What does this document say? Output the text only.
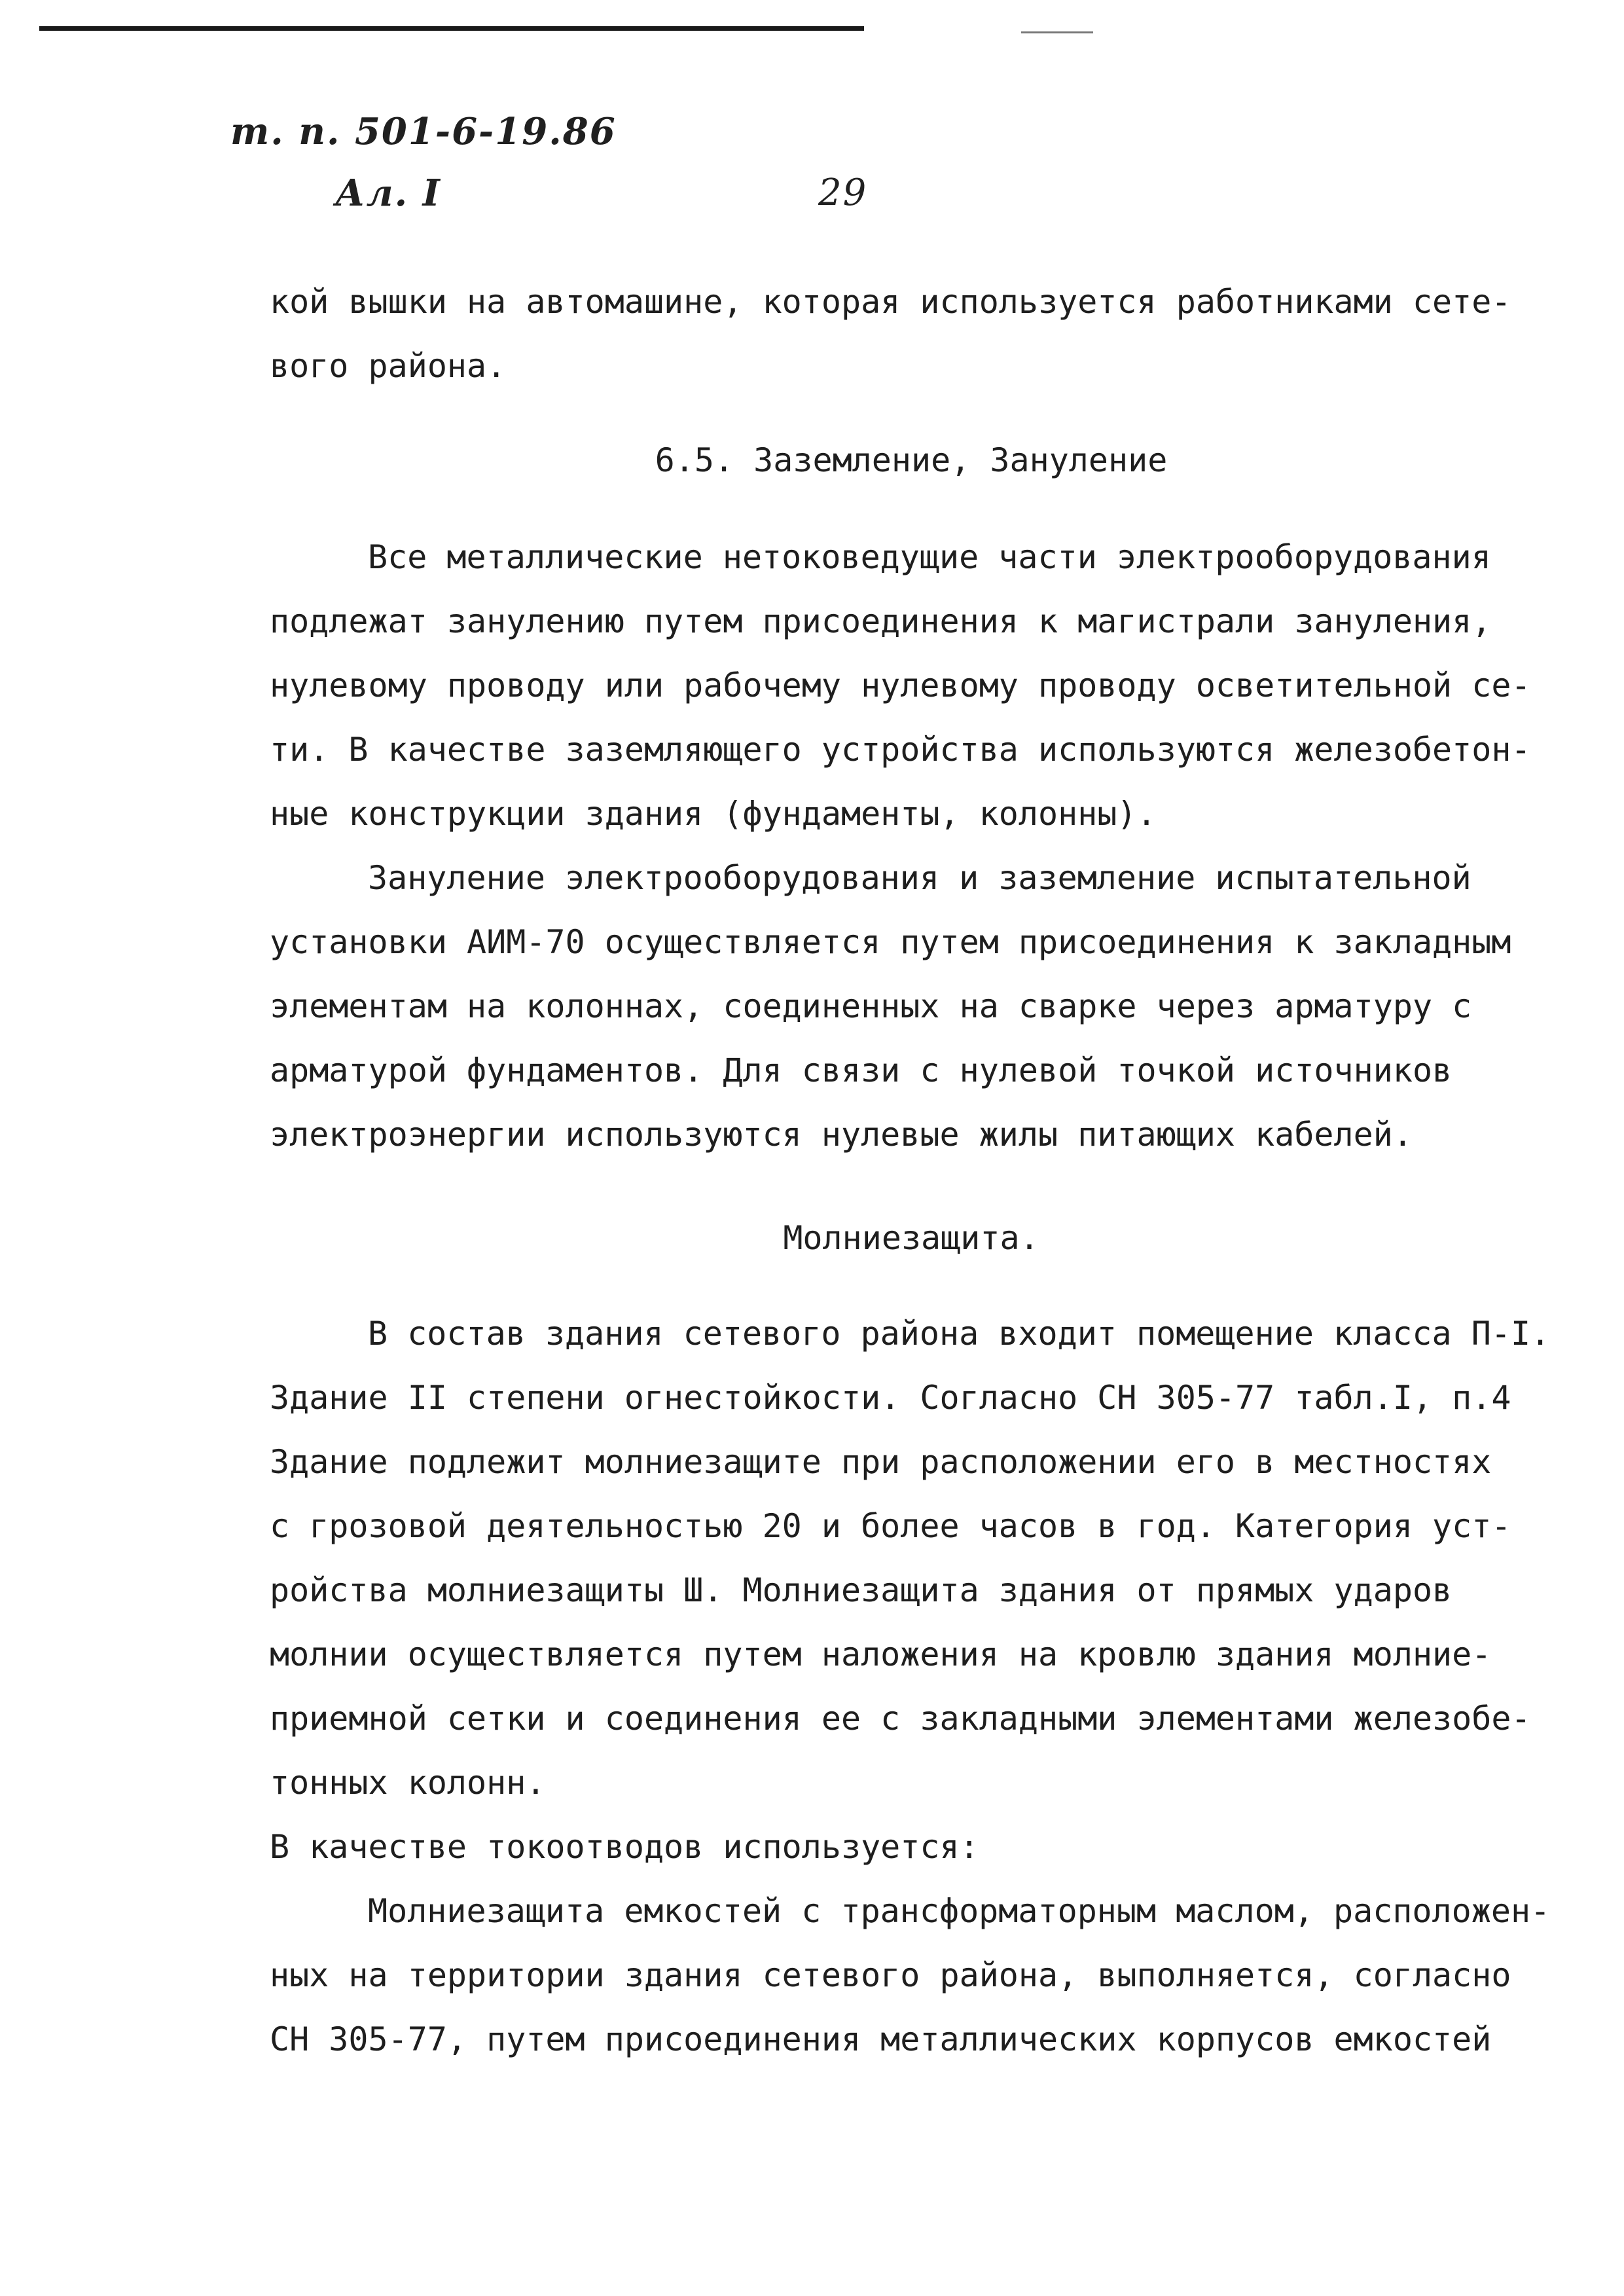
т. п. 501-6-19.86
Ал. I	29
кой вышки на автомашине, которая используется работниками сете-
вого района.
6.5. Заземление, Зануление
Все металлические нетоковедущие части электрооборудования
подлежат занулению путем присоединения к магистрали зануления,
нулевому проводу или рабочему нулевому проводу осветительной се-
ти. В качестве заземляющего устройства используются железобетон-
ные конструкции здания (фундаменты, колонны).
Зануление электрооборудования и заземление испытательной
установки АИМ-70 осуществляется путем присоединения к закладным
элементам на колоннах, соединенных на сварке через арматуру с
арматурой фундаментов. Для связи с нулевой точкой источников
электроэнергии используются нулевые жилы питающих кабелей.
Молниезащита.
В состав здания сетевого района входит помещение класса П-I.
Здание II степени огнестойкости. Согласно СН 305-77 табл.I, п.4
Здание подлежит молниезащите при расположении его в местностях
с грозовой деятельностью 20 и более часов в год. Категория уст-
ройства молниезащиты Ш. Молниезащита здания от прямых ударов
молнии осуществляется путем наложения на кровлю здания молние-
приемной сетки и соединения ее с закладными элементами железобе-
тонных колонн.
В качестве токоотводов используется:
Молниезащита емкостей с трансформаторным маслом, расположен-
ных на территории здания сетевого района, выполняется, согласно
СН 305-77, путем присоединения металлических корпусов емкостей
